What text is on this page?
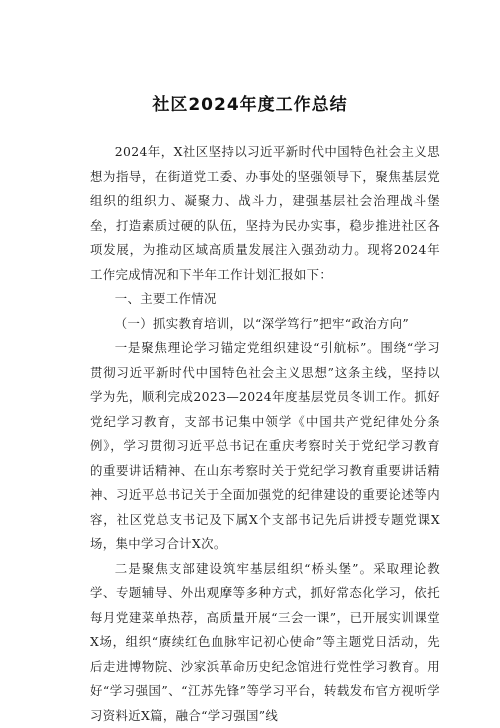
社区2024年度工作总结

2024年，X社区坚持以习近平新时代中国特色社会主义思想为指导，在街道党工委、办事处的坚强领导下，聚焦基层党组织的组织力、凝聚力、战斗力，建强基层社会治理战斗堡垒，打造素质过硬的队伍，坚持为民办实事，稳步推进社区各项发展，为推动区域高质量发展注入强劲动力。现将2024年工作完成情况和下半年工作计划汇报如下：

一、主要工作情况

（一）抓实教育培训，以“深学笃行”把牢“政治方向”

一是聚焦理论学习锚定党组织建设“引航标”。围绕“学习贯彻习近平新时代中国特色社会主义思想”这条主线，坚持以学为先，顺利完成2023—2024年度基层党员冬训工作。抓好党纪学习教育，支部书记集中领学《中国共产党纪律处分条例》，学习贯彻习近平总书记在重庆考察时关于党纪学习教育的重要讲话精神、在山东考察时关于党纪学习教育重要讲话精神、习近平总书记关于全面加强党的纪律建设的重要论述等内容，社区党总支书记及下属X个支部书记先后讲授专题党课X场，集中学习合计X次。

二是聚焦支部建设筑牢基层组织“桥头堡”。采取理论教学、专题辅导、外出观摩等多种方式，抓好常态化学习，依托每月党建菜单热荐，高质量开展“三会一课”，已开展实训课堂X场，组织“赓续红色血脉牢记初心使命”等主题党日活动，先后走进博物院、沙家浜革命历史纪念馆进行党性学习教育。用好“学习强国”、“江苏先锋”等学习平台，转载发布官方视听学习资料近X篇，融合“学习强国”线
